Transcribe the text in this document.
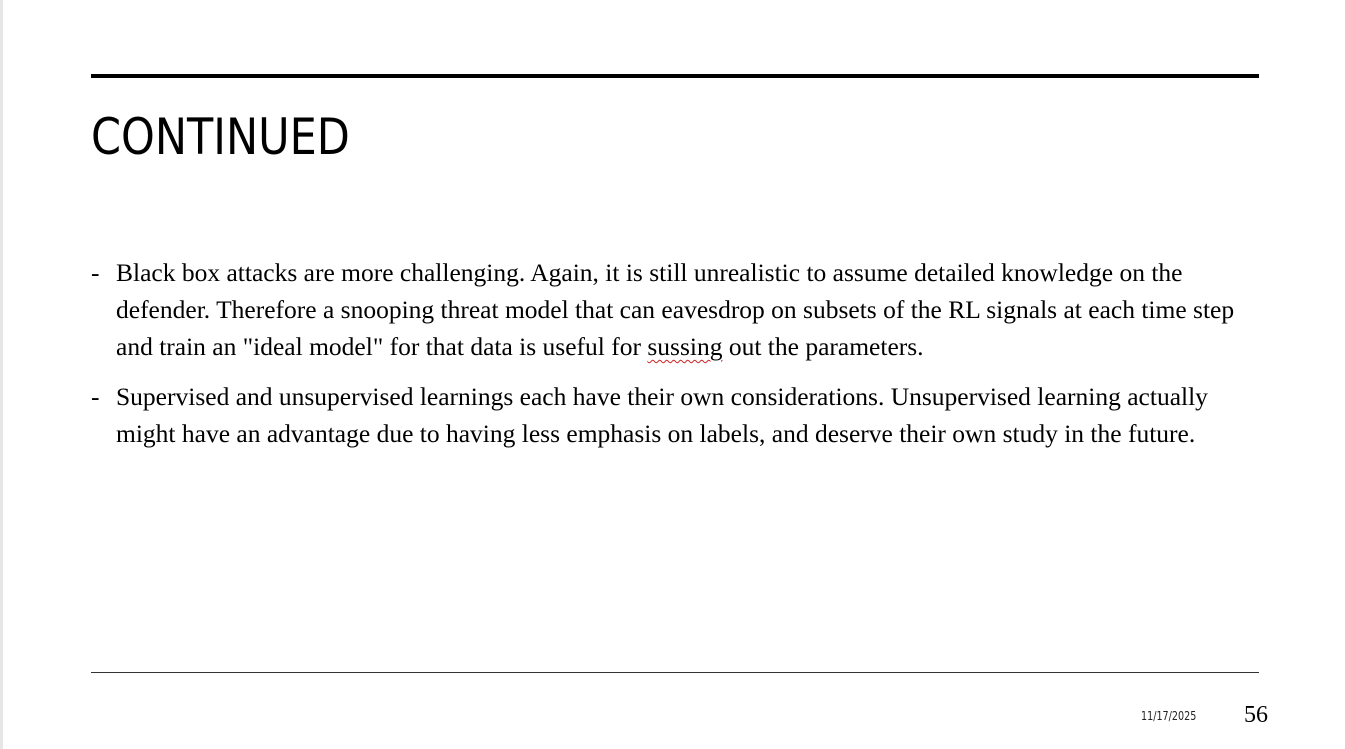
CONTINUED
- Black box attacks are more challenging. Again, it is still unrealistic to assume detailed knowledge on the defender. Therefore a snooping threat model that can eavesdrop on subsets of the RL signals at each time step and train an "ideal model" for that data is useful for sussing out the parameters.
- Supervised and unsupervised learnings each have their own considerations. Unsupervised learning actually might have an advantage due to having less emphasis on labels, and deserve their own study in the future.
11/17/2025 56
